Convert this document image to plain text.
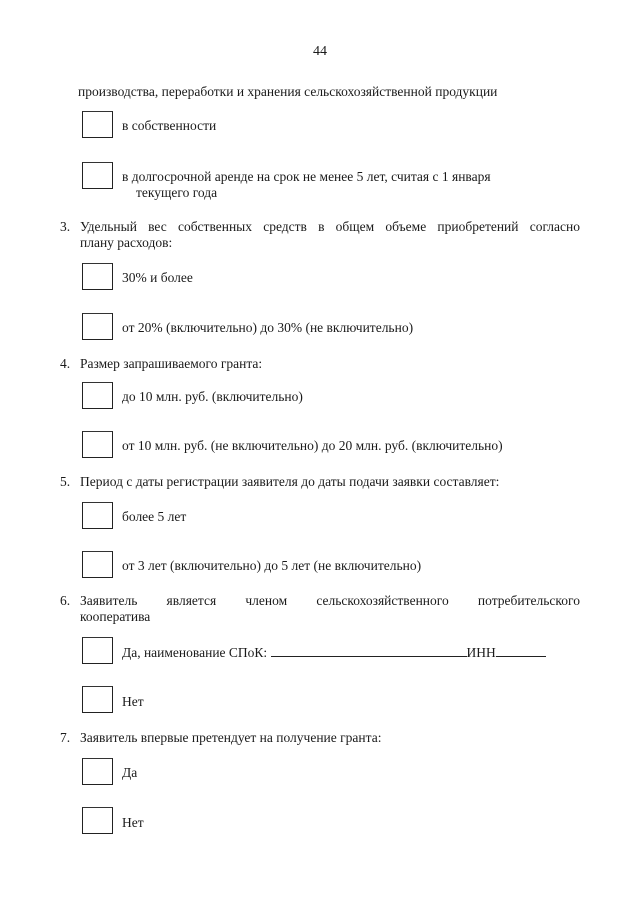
44
производства, переработки и хранения сельскохозяйственной продукции
в собственности
в долгосрочной аренде на срок не менее 5 лет, считая с 1 января
текущего года
3. Удельный вес собственных средств в общем объеме приобретений согласно
плану расходов:
30% и более
от 20% (включительно) до 30% (не включительно)
4. Размер запрашиваемого гранта:
до 10 млн. руб. (включительно)
от 10 млн. руб. (не включительно) до 20 млн. руб. (включительно)
5. Период с даты регистрации заявителя до даты подачи заявки составляет:
более 5 лет
от 3 лет (включительно) до 5 лет (не включительно)
6. Заявитель является членом сельскохозяйственного потребительского
кооператива
Да, наименование СПоК:	ИНН
Нет
7. Заявитель впервые претендует на получение гранта:
Да
Нет
